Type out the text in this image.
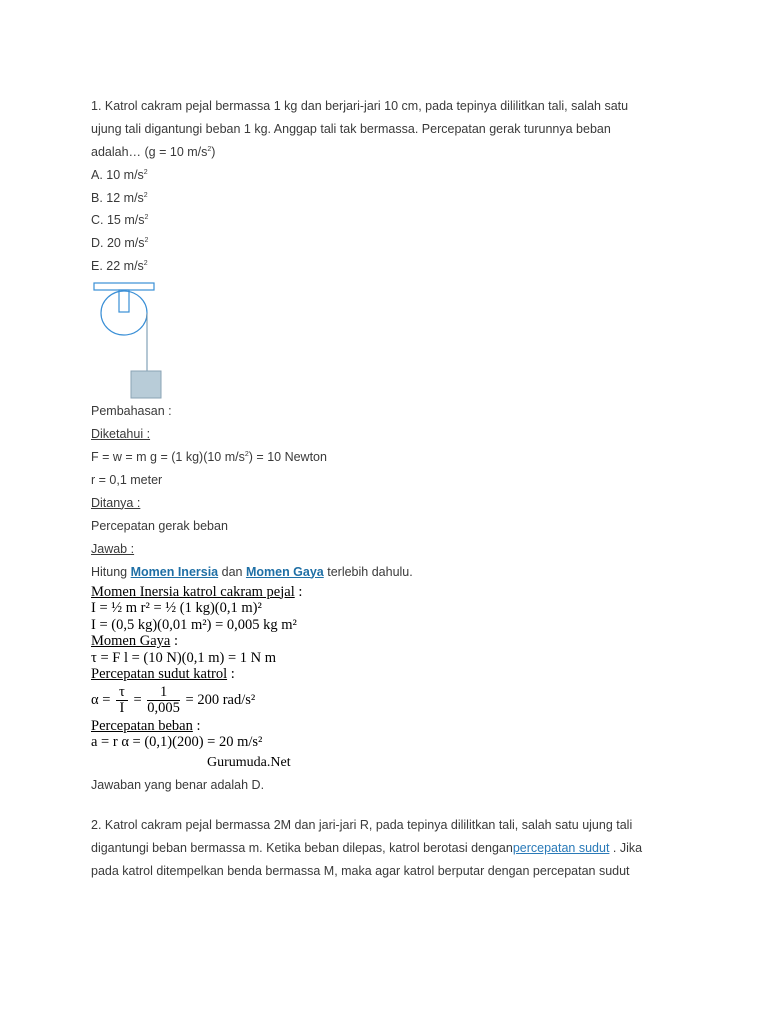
1. Katrol cakram pejal bermassa 1 kg dan berjari-jari 10 cm, pada tepinya dililitkan tali, salah satu

ujung tali digantungi beban 1 kg. Anggap tali tak bermassa. Percepatan gerak turunnya beban

adalah… (g = 10 $m/s^2$)

A. 10 $m/s^2$
B. 12 $m/s^2$
C. 15 $m/s^2$
D. 20 $m/s^2$
E. 22 $m/s^2$

Pembahasan :

Diketahui :

F = w = m g = (1 kg)(10 $m/s^2) = 10$ Newton

r = 0,1 meter

Ditanya :

Percepatan gerak beban

Jawab :

Hitung Momen Inersia dan Momen Gaya terlebih dahulu.

Momen Inersia katrol cakram pejal :
I = ½ m r² = ½ (1 kg)(0,1 m)²
I = (0,5 kg)(0,01 m²) = 0,005 kg m²
Momen Gaya :
τ = F l = (10 N)(0,1 m) = 1 N m
Percepatan sudut katrol :
$\alpha = \frac{\tau}{I} = \frac{1}{0,005} = 200$ rad/s²
Percepatan beban :
a = r α = (0,1)(200) = 20 m/s²
Gurumuda.Net

Jawaban yang benar adalah D.

2. Katrol cakram pejal bermassa 2M dan jari-jari R, pada tepinya dililitkan tali, salah satu ujung tali

digantungi beban bermassa m. Ketika beban dilepas, katrol berotasi denganpercepatan sudut . Jika

pada katrol ditempelkan benda bermassa M, maka agar katrol berputar dengan percepatan sudut
